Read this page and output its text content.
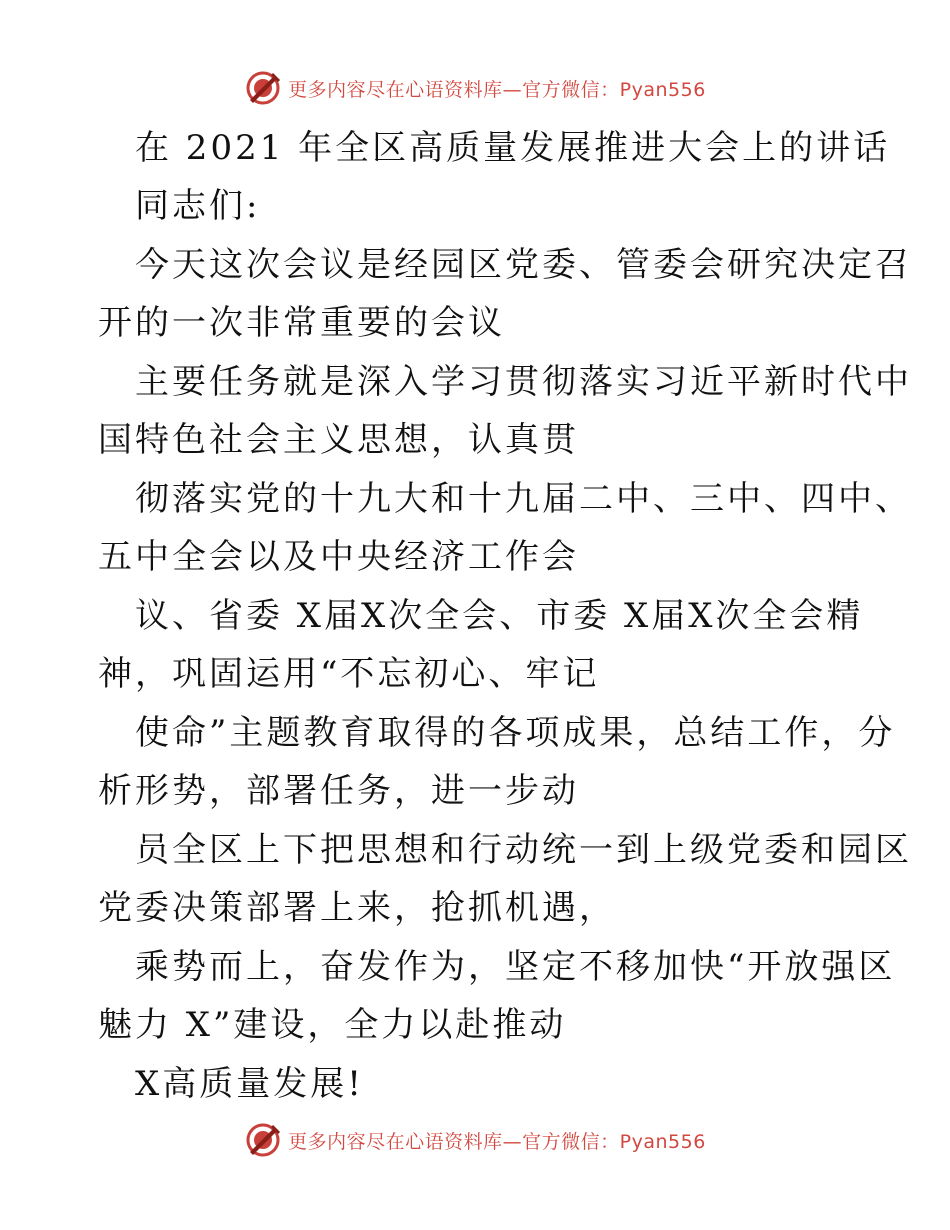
更多内容尽在心语资料库—官方微信：Pyan556
在 2021 年全区高质量发展推进大会上的讲话
同志们:
今天这次会议是经园区党委、管委会研究决定召
开的一次非常重要的会议
主要任务就是深入学习贯彻落实习近平新时代中
国特色社会主义思想，认真贯
彻落实党的十九大和十九届二中、三中、四中、
五中全会以及中央经济工作会
议、省委 X届X次全会、市委 X届X次全会精
神，巩固运用“不忘初心、牢记
使命”主题教育取得的各项成果，总结工作，分
析形势，部署任务，进一步动
员全区上下把思想和行动统一到上级党委和园区
党委决策部署上来，抢抓机遇，
乘势而上，奋发作为，坚定不移加快“开放强区
魅力 X”建设，全力以赴推动
X高质量发展!
更多内容尽在心语资料库—官方微信：Pyan556
